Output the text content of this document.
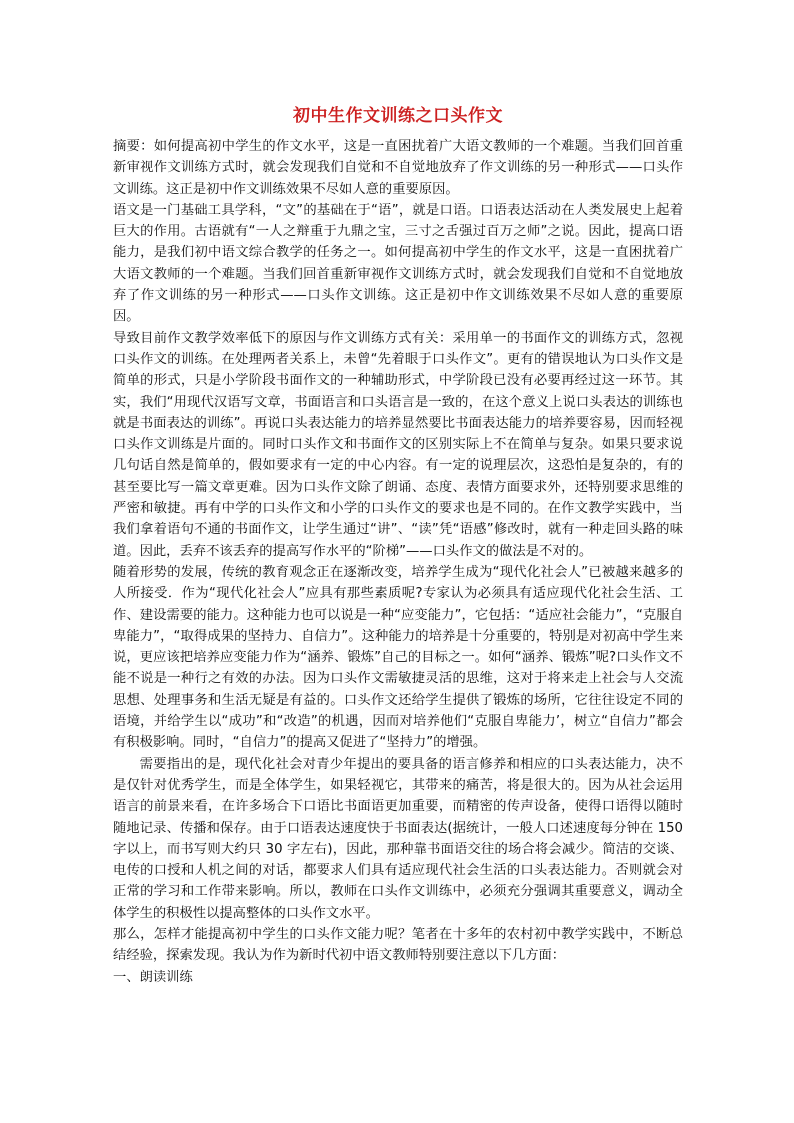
初中生作文训练之口头作文

摘要：如何提高初中学生的作文水平，这是一直困扰着广大语文教师的一个难题。当我们回首重新审视作文训练方式时，就会发现我们自觉和不自觉地放弃了作文训练的另一种形式——口头作文训练。这正是初中作文训练效果不尽如人意的重要原因。

语文是一门基础工具学科，“文”的基础在于“语”，就是口语。口语表达活动在人类发展史上起着巨大的作用。古语就有“一人之辩重于九鼎之宝，三寸之舌强过百万之师”之说。因此，提高口语能力，是我们初中语文综合教学的任务之一。如何提高初中学生的作文水平，这是一直困扰着广大语文教师的一个难题。当我们回首重新审视作文训练方式时，就会发现我们自觉和不自觉地放弃了作文训练的另一种形式——口头作文训练。这正是初中作文训练效果不尽如人意的重要原因。

导致目前作文教学效率低下的原因与作文训练方式有关：采用单一的书面作文的训练方式，忽视口头作文的训练。在处理两者关系上，未曾“先着眼于口头作文”。更有的错误地认为口头作文是简单的形式，只是小学阶段书面作文的一种辅助形式，中学阶段已没有必要再经过这一环节。其实，我们“用现代汉语写文章，书面语言和口头语言是一致的，在这个意义上说口头表达的训练也就是书面表达的训练”。再说口头表达能力的培养显然要比书面表达能力的培养要容易，因而轻视口头作文训练是片面的。同时口头作文和书面作文的区别实际上不在简单与复杂。如果只要求说几句话自然是简单的，假如要求有一定的中心内容。有一定的说理层次，这恐怕是复杂的，有的甚至要比写一篇文章更难。因为口头作文除了朗诵、态度、表情方面要求外，还特别要求思维的严密和敏捷。再有中学的口头作文和小学的口头作文的要求也是不同的。在作文教学实践中，当我们拿着语句不通的书面作文，让学生通过“讲”、“读”凭“语感”修改时，就有一种走回头路的味道。因此，丢弃不该丢弃的提高写作水平的“阶梯”——口头作文的做法是不对的。

随着形势的发展，传统的教育观念正在逐渐改变，培养学生成为“现代化社会人”已被越来越多的人所接受．作为“现代化社会人”应具有那些素质呢?专家认为必须具有适应现代化社会生活、工作、建设需要的能力。这种能力也可以说是一种“应变能力”，它包括：“适应社会能力”，“克服自卑能力”，“取得成果的坚持力、自信力”。这种能力的培养是十分重要的，特别是对初高中学生来说，更应该把培养应变能力作为“涵养、锻炼”自己的目标之一。如何“涵养、锻炼”呢?口头作文不能不说是一种行之有效的办法。因为口头作文需敏捷灵活的思维，这对于将来走上社会与人交流思想、处理事务和生活无疑是有益的。口头作文还给学生提供了锻炼的场所，它往往设定不同的语境，并给学生以“成功”和“改造”的机遇，因而对培养他们“克服自卑能力’，树立“自信力”都会有积极影响。同时，“自信力”的提高又促进了“坚持力”的增强。

需要指出的是，现代化社会对青少年提出的要具备的语言修养和相应的口头表达能力，决不是仅针对优秀学生，而是全体学生，如果轻视它，其带来的痛苦，将是很大的。因为从社会运用语言的前景来看，在许多场合下口语比书面语更加重要，而精密的传声设备，使得口语得以随时随地记录、传播和保存。由于口语表达速度快于书面表达(据统计，一般人口述速度每分钟在 150 字以上，而书写则大约只 30 字左右)，因此，那种靠书面语交往的场合将会减少。简洁的交谈、电传的口授和人机之间的对话，都要求人们具有适应现代社会生活的口头表达能力。否则就会对正常的学习和工作带来影响。所以，教师在口头作文训练中，必须充分强调其重要意义，调动全体学生的积极性以提高整体的口头作文水平。

那么，怎样才能提高初中学生的口头作文能力呢？笔者在十多年的农村初中教学实践中，不断总结经验，探索发现。我认为作为新时代初中语文教师特别要注意以下几方面：

一、朗读训练
